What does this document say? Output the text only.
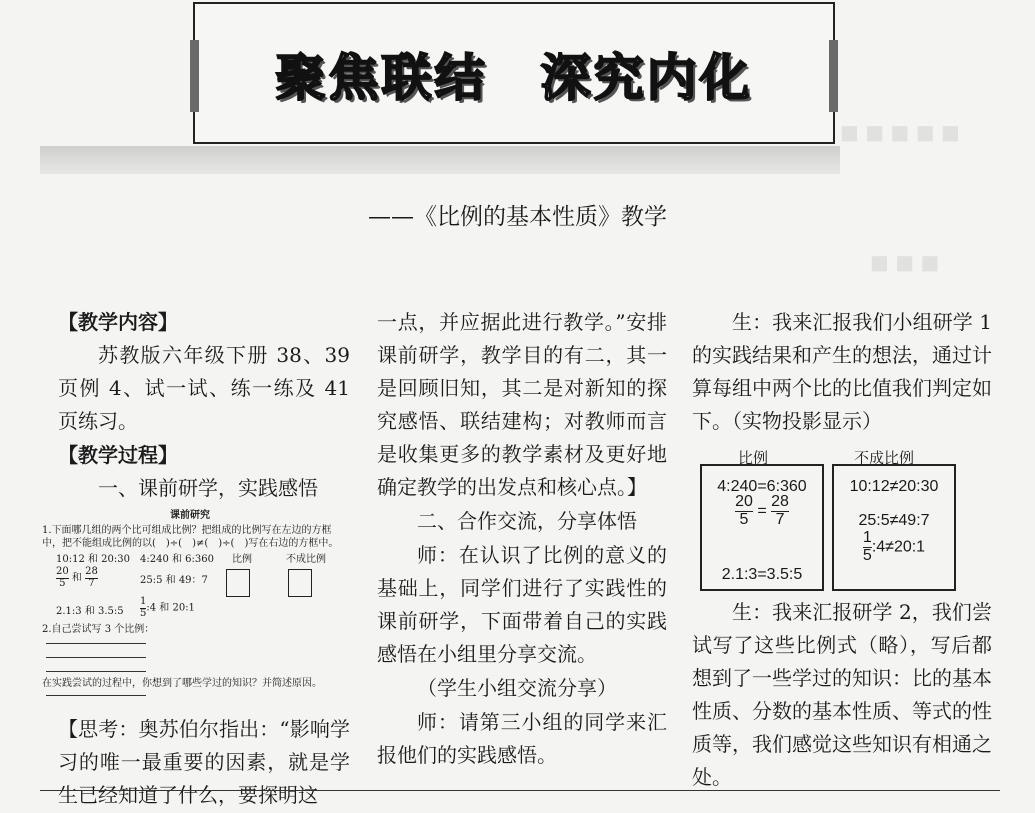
■ ■ ■ ■ ■
■ ■ ■
聚焦联结　深究内化
——《比例的基本性质》教学

【教学内容】

苏教版六年级下册 38、39 页例 4、试一试、练一练及 41 页练习。

【教学过程】

一、课前研学，实践感悟

课前研究
1.下面哪几组的两个比可组成比例？把组成的比例写在左边的方框
中，把不能组成比例的以(　)÷(　)≠(　)÷(　)写在右边的方框中。
10:12 和 20:30 4:240 和 6:360
$\frac{20}{5}$ 和 $\frac{28}{7}$	25:5 和 49：7
2.1:3 和 3.5:5 $\frac{1}{5}$ :4 和 20:1
比例	不成比例
2.自己尝试写 3 个比例：
在实践尝试的过程中，你想到了哪些学过的知识？并简述原因。

【思考：奥苏伯尔指出：“影响学习的唯一最重要的因素，就是学生已经知道了什么，要探明这

一点，并应据此进行教学。”安排课前研学，教学目的有二，其一是回顾旧知，其二是对新知的探究感悟、联结建构；对教师而言是收集更多的教学素材及更好地确定教学的出发点和核心点。】

二、合作交流，分享体悟

师：在认识了比例的意义的基础上，同学们进行了实践性的课前研学，下面带着自己的实践感悟在小组里分享交流。

（学生小组交流分享）

师：请第三小组的同学来汇报他们的实践感悟。

生：我来汇报我们小组研学 1 的实践结果和产生的想法，通过计算每组中两个比的比值我们判定如下。（实物投影显示）

比例	不成比例
4:240=6:360
$\frac{20}{5} = \frac{28}{7}$
2.1:3=3.5:5
10:12≠20:30
25:5≠49:7
$\frac{1}{5}$ :4≠20:1

生：我来汇报研学 2，我们尝试写了这些比例式（略），写后都想到了一些学过的知识：比的基本性质、分数的基本性质、等式的性质等，我们感觉这些知识有相通之处。
